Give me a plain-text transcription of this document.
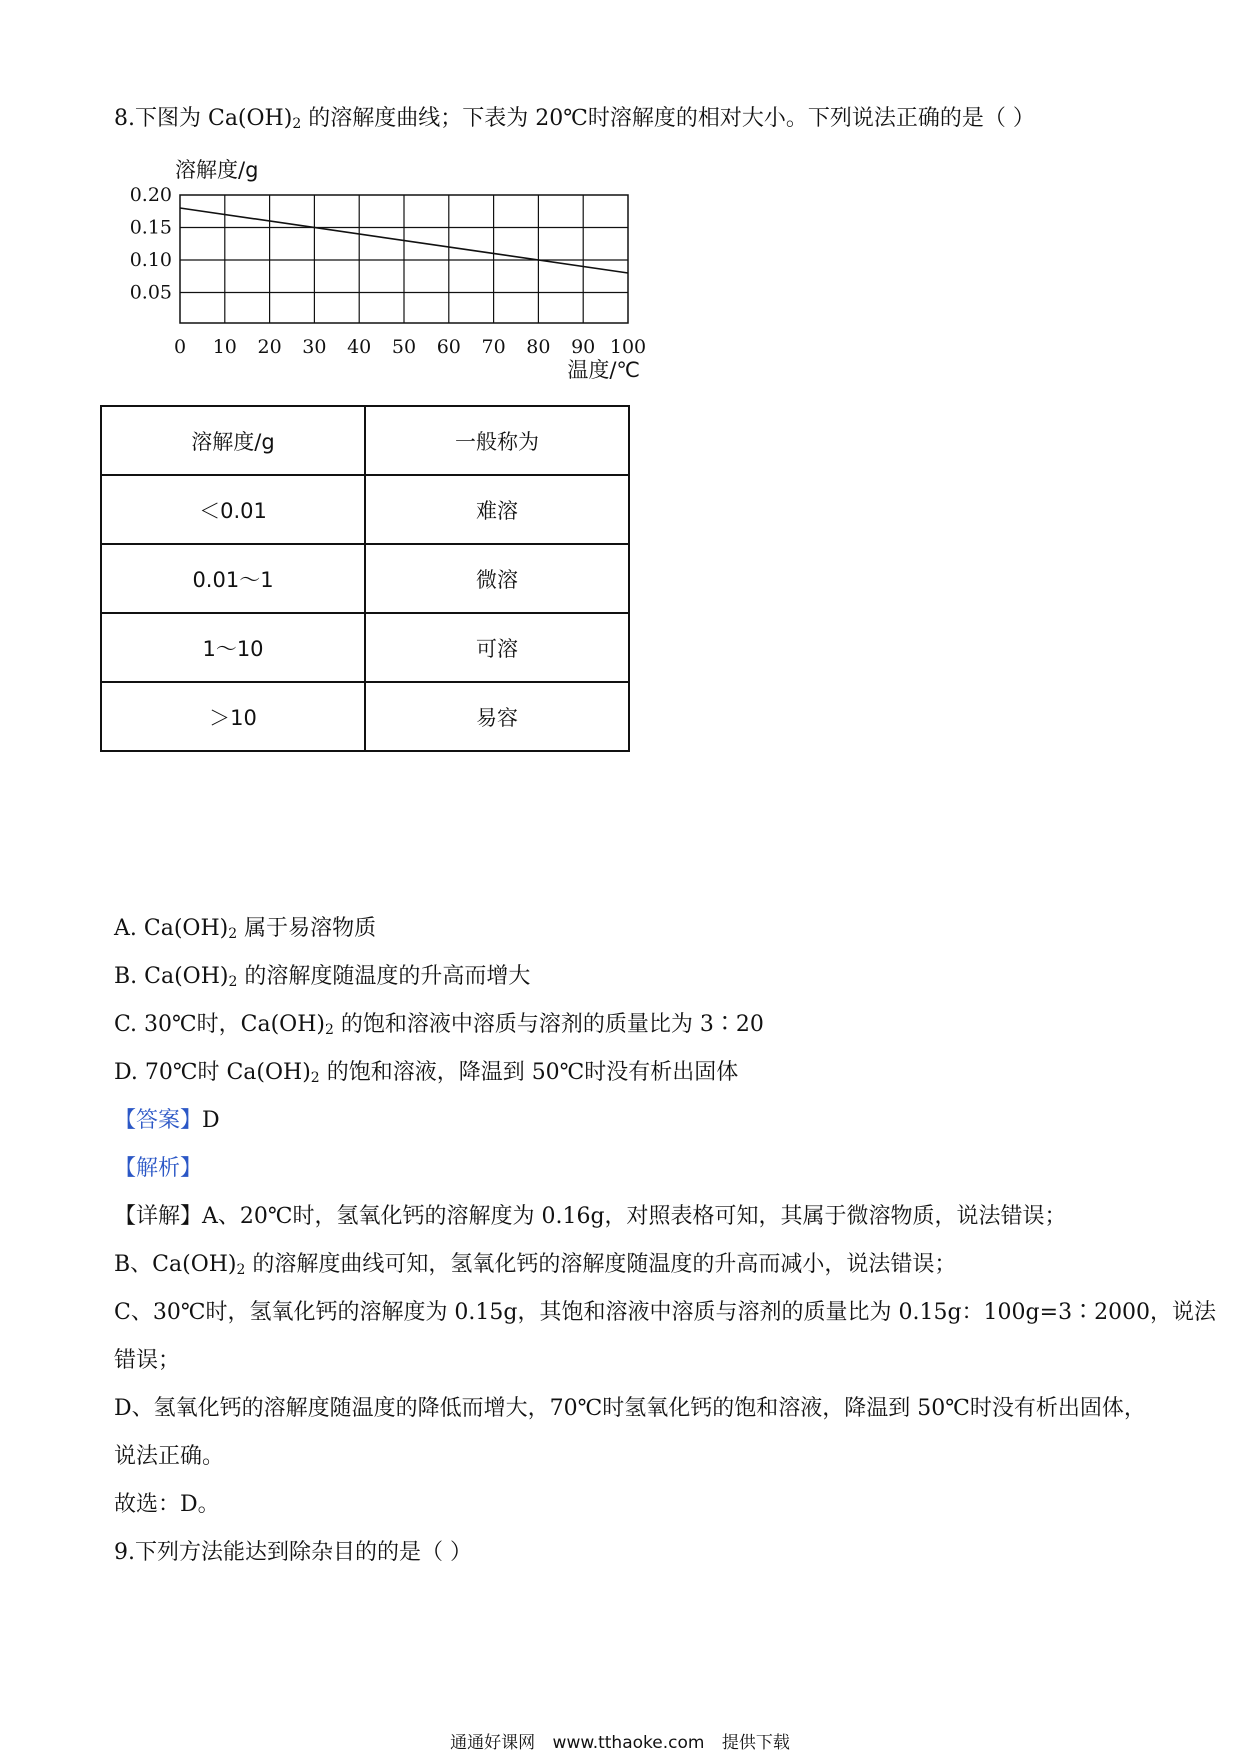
8.下图为 $Ca(OH)_2$ 的溶解度曲线；下表为 20℃时溶解度的相对大小。下列说法正确的是（ ）
0.20
0.15
0.10
0.05
0 10 20 30 40 50 60 70 80 90 100
溶解度/g
温度/℃
溶解度/g	一般称为
＜0.01	难溶
0.01～1	微溶
1～10	可溶
＞10	易容
A. $Ca(OH)_2$ 属于易溶物质
B. $Ca(OH)_2$ 的溶解度随温度的升高而增大
C. 30℃时，$Ca(OH)_2$ 的饱和溶液中溶质与溶剂的质量比为 3∶20
D. 70℃时 $Ca(OH)_2$ 的饱和溶液，降温到 50℃时没有析出固体
【答案】D
【解析】
【详解】A、20℃时，氢氧化钙的溶解度为 0.16g，对照表格可知，其属于微溶物质，说法错误；
B、$Ca(OH)_2$ 的溶解度曲线可知，氢氧化钙的溶解度随温度的升高而减小，说法错误；
C、30℃时，氢氧化钙的溶解度为 0.15g，其饱和溶液中溶质与溶剂的质量比为 0.15g：100g=3∶2000，说法
错误；
D、氢氧化钙的溶解度随温度的降低而增大，70℃时氢氧化钙的饱和溶液，降温到 50℃时没有析出固体，
说法正确。
故选：D。
9.下列方法能达到除杂目的的是（ ）
通通好课网 www.tthaoke.com 提供下载
